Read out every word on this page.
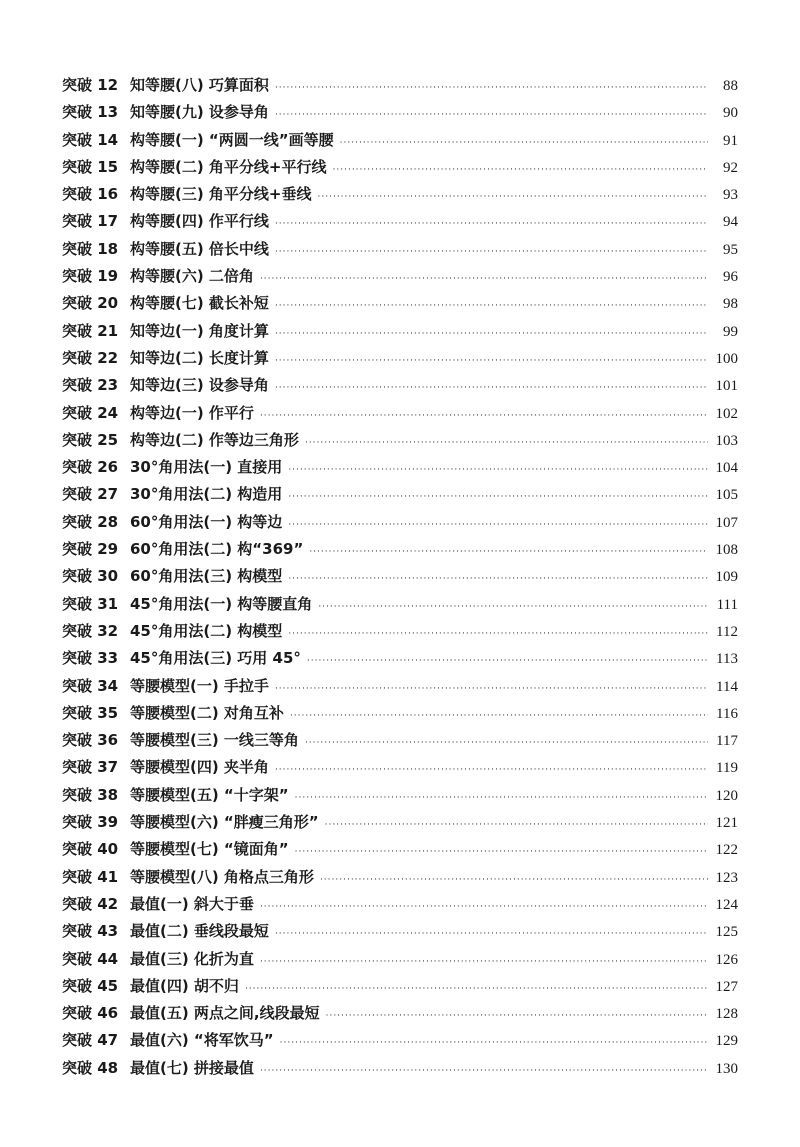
突破 12 知等腰(八) 巧算面积 ·····	88
突破 13 知等腰(九) 设参导角 ·····	90
突破 14 构等腰(一) “两圆一线”画等腰 ·····	91
突破 15 构等腰(二) 角平分线+平行线 ·····	92
突破 16 构等腰(三) 角平分线+垂线 ·····	93
突破 17 构等腰(四) 作平行线 ·····	94
突破 18 构等腰(五) 倍长中线 ·····	95
突破 19 构等腰(六) 二倍角 ·····	96
突破 20 构等腰(七) 截长补短 ·····	98
突破 21 知等边(一) 角度计算 ·····	99
突破 22 知等边(二) 长度计算 ·····	100
突破 23 知等边(三) 设参导角 ·····	101
突破 24 构等边(一) 作平行 ·····	102
突破 25 构等边(二) 作等边三角形 ·····	103
突破 26 30°角用法(一) 直接用 ·····	104
突破 27 30°角用法(二) 构造用 ·····	105
突破 28 60°角用法(一) 构等边 ·····	107
突破 29 60°角用法(二) 构“369” ·····	108
突破 30 60°角用法(三) 构模型 ·····	109
突破 31 45°角用法(一) 构等腰直角 ·····	111
突破 32 45°角用法(二) 构模型 ·····	112
突破 33 45°角用法(三) 巧用 45° ·····	113
突破 34 等腰模型(一) 手拉手 ·····	114
突破 35 等腰模型(二) 对角互补 ·····	116
突破 36 等腰模型(三) 一线三等角 ·····	117
突破 37 等腰模型(四) 夹半角 ·····	119
突破 38 等腰模型(五) “十字架” ·····	120
突破 39 等腰模型(六) “胖瘦三角形” ·····	121
突破 40 等腰模型(七) “镜面角” ·····	122
突破 41 等腰模型(八) 角格点三角形 ·····	123
突破 42 最值(一) 斜大于垂 ·····	124
突破 43 最值(二) 垂线段最短 ·····	125
突破 44 最值(三) 化折为直 ·····	126
突破 45 最值(四) 胡不归 ·····	127
突破 46 最值(五) 两点之间,线段最短 ·····	128
突破 47 最值(六) “将军饮马” ·····	129
突破 48 最值(七) 拼接最值 ·····	130
